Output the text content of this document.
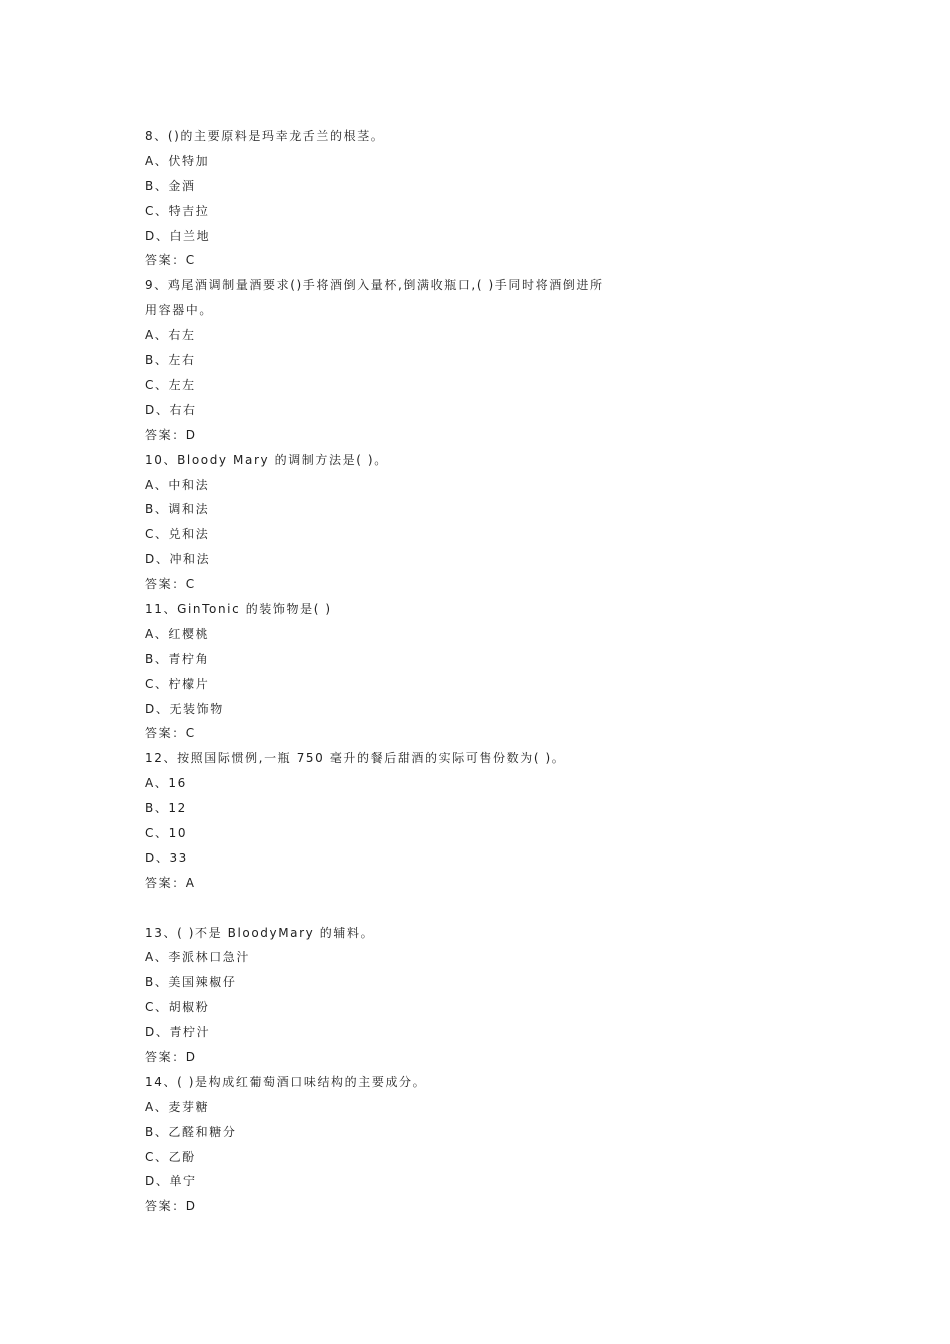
8、()的主要原料是玛幸龙舌兰的根茎。
A、伏特加
B、金酒
C、特吉拉
D、白兰地
答案：C
9、鸡尾酒调制量酒要求()手将酒倒入量杯,倒满收瓶口,( )手同时将酒倒进所用容器中。
A、右左
B、左右
C、左左
D、右右
答案：D
10、Bloody Mary 的调制方法是( )。
A、中和法
B、调和法
C、兑和法
D、冲和法
答案：C
11、GinTonic 的装饰物是( )
A、红樱桃
B、青柠角
C、柠檬片
D、无装饰物
答案：C
12、按照国际惯例,一瓶 750 毫升的餐后甜酒的实际可售份数为( )。
A、16
B、12
C、10
D、33
答案：A
13、( )不是 BloodyMary 的辅料。
A、李派林口急汁
B、美国辣椒仔
C、胡椒粉
D、青柠汁
答案：D
14、( )是构成红葡萄酒口味结构的主要成分。
A、麦芽糖
B、乙醛和糖分
C、乙酚
D、单宁
答案：D
